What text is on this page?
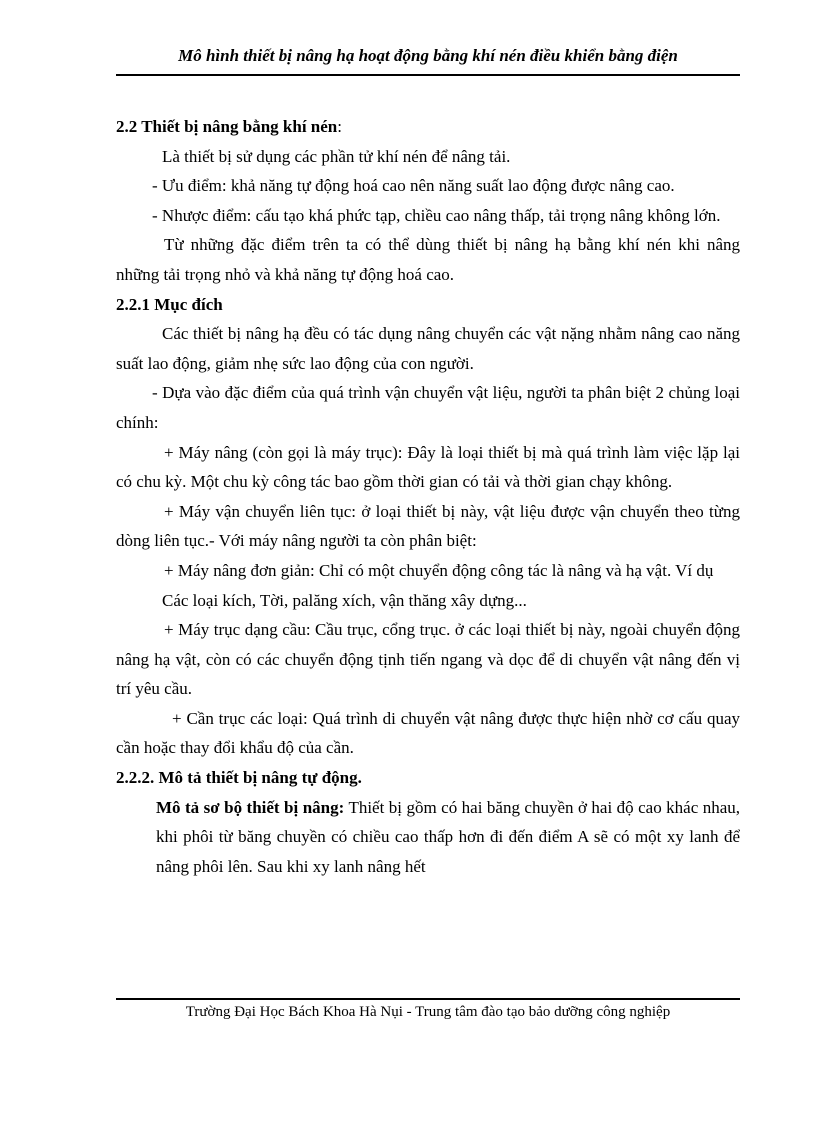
Mô hình thiết bị nâng hạ hoạt động bằng khí nén điều khiển bằng điện

2.2 Thiết bị nâng bằng khí nén:

Là thiết bị sử dụng các phần tử khí nén để nâng tải.

- Ưu điểm: khả năng tự động hoá cao nên năng suất lao động được nâng cao.

- Nhược điểm: cấu tạo khá phức tạp, chiều cao nâng thấp, tải trọng nâng không lớn.

Từ những đặc điểm trên ta có thể dùng thiết bị nâng hạ bằng khí nén khi nâng những tải trọng nhỏ và khả năng tự động hoá cao.

2.2.1 Mục đích

Các thiết bị nâng hạ đều có tác dụng nâng chuyển các vật nặng nhằm nâng cao năng suất lao động, giảm nhẹ sức lao động của con người.

- Dựa vào đặc điểm của quá trình vận chuyển vật liệu, người ta phân biệt 2 chủng loại chính:

+ Máy nâng (còn gọi là máy trục): Đây là loại thiết bị mà quá trình làm việc lặp lại có chu kỳ. Một chu kỳ công tác bao gồm thời gian có tải và thời gian chạy không.

+ Máy vận chuyển liên tục: ở loại thiết bị này, vật liệu được vận chuyển theo từng dòng liên tục.- Với máy nâng người ta còn phân biệt:

+ Máy nâng đơn giản: Chỉ có một chuyển động công tác là nâng và hạ vật. Ví dụ

Các loại kích, Tời, palăng xích, vận thăng xây dựng...

+ Máy trục dạng cầu: Cầu trục, cổng trục. ở các loại thiết bị này, ngoài chuyển động nâng hạ vật, còn có các chuyển động tịnh tiến ngang và dọc để di chuyển vật nâng đến vị trí yêu cầu.

+ Cần trục các loại: Quá trình di chuyển vật nâng được thực hiện nhờ cơ cấu quay cần hoặc thay đổi khẩu độ của cần.

2.2.2. Mô tả thiết bị nâng tự động.

Mô tả sơ bộ thiết bị nâng: Thiết bị gồm có hai băng chuyền ở hai độ cao khác nhau, khi phôi từ băng chuyền có chiều cao thấp hơn đi đến điểm A sẽ có một xy lanh để nâng phôi lên. Sau khi xy lanh nâng hết

Trường Đại Học Bách Khoa Hà Nụi - Trung tâm đào tạo bảo dưỡng công nghiệp
